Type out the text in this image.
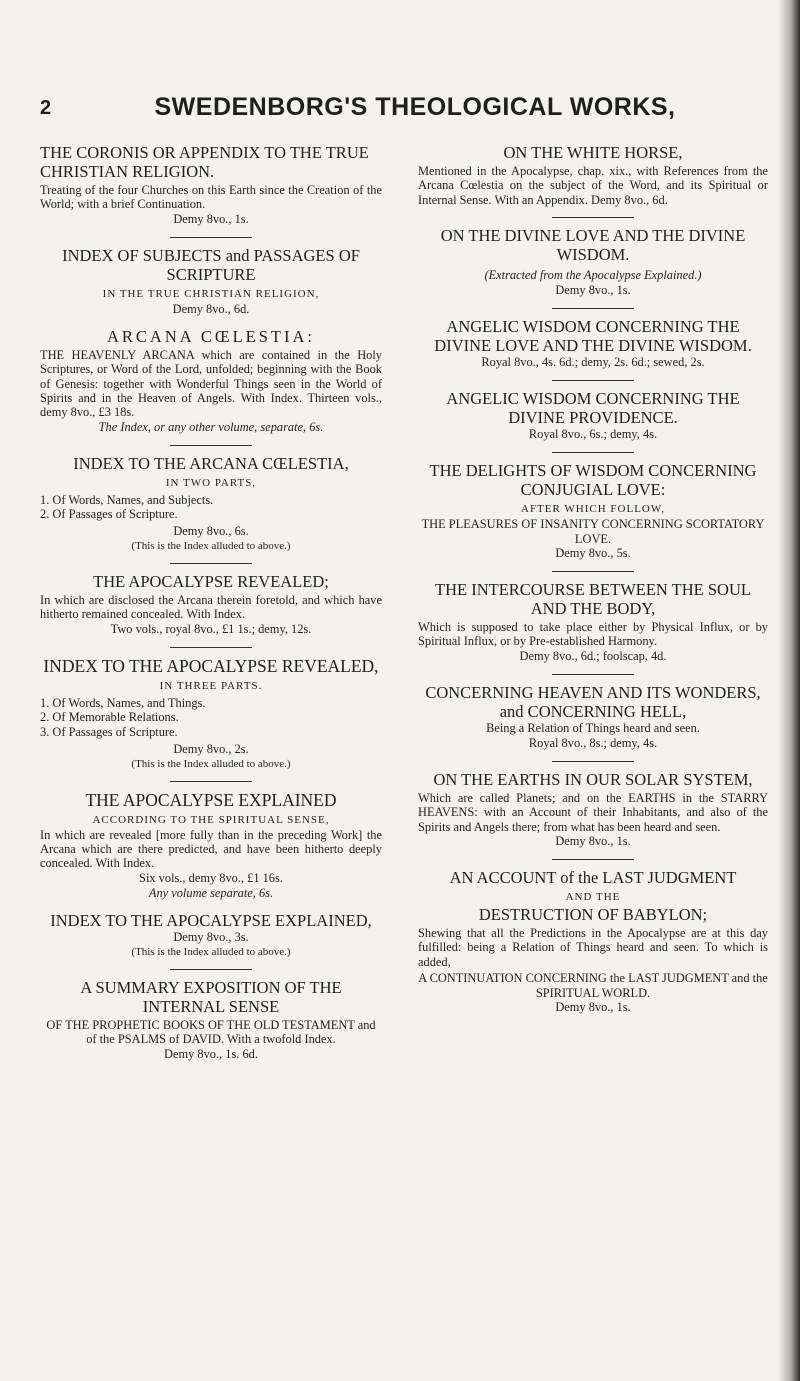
2	SWEDENBORG'S THEOLOGICAL WORKS,

THE CORONIS OR APPENDIX TO THE TRUE CHRISTIAN RELIGION.

Treating of the four Churches on this Earth since the Creation of the World; with a brief Continuation.

Demy 8vo., 1s.

INDEX OF SUBJECTS and PASSAGES OF SCRIPTURE

IN THE TRUE CHRISTIAN RELIGION,
Demy 8vo., 6d.

ARCANA CŒLESTIA:

THE HEAVENLY ARCANA which are contained in the Holy Scriptures, or Word of the Lord, unfolded; beginning with the Book of Genesis: together with Wonderful Things seen in the World of Spirits and in the Heaven of Angels. With Index. Thirteen vols., demy 8vo., £3 18s.

The Index, or any other volume, separate, 6s.

INDEX TO THE ARCANA CŒLESTIA,

IN TWO PARTS,
1. Of Words, Names, and Subjects.
2. Of Passages of Scripture.
Demy 8vo., 6s.
(This is the Index alluded to above.)

THE APOCALYPSE REVEALED;

In which are disclosed the Arcana therein foretold, and which have hitherto remained concealed. With Index.

Two vols., royal 8vo., £1 1s.; demy, 12s.

INDEX TO THE APOCALYPSE REVEALED,

IN THREE PARTS.
1. Of Words, Names, and Things.
2. Of Memorable Relations.
3. Of Passages of Scripture.
Demy 8vo., 2s.
(This is the Index alluded to above.)

THE APOCALYPSE EXPLAINED

ACCORDING TO THE SPIRITUAL SENSE,

In which are revealed [more fully than in the preceding Work] the Arcana which are there predicted, and have been hitherto deeply concealed. With Index.

Six vols., demy 8vo., £1 16s.
Any volume separate, 6s.

INDEX TO THE APOCALYPSE EXPLAINED,

Demy 8vo., 3s.
(This is the Index alluded to above.)

A SUMMARY EXPOSITION OF THE INTERNAL SENSE

OF THE PROPHETIC BOOKS OF THE OLD TESTAMENT and of the PSALMS of DAVID. With a twofold Index.

Demy 8vo., 1s. 6d.

ON THE WHITE HORSE,

Mentioned in the Apocalypse, chap. xix., with References from the Arcana Cœlestia on the subject of the Word, and its Spiritual or Internal Sense. With an Appendix. Demy 8vo., 6d.

ON THE DIVINE LOVE AND THE DIVINE WISDOM.

(Extracted from the Apocalypse Explained.)
Demy 8vo., 1s.

ANGELIC WISDOM CONCERNING THE DIVINE LOVE AND THE DIVINE WISDOM.

Royal 8vo., 4s. 6d.; demy, 2s. 6d.; sewed, 2s.

ANGELIC WISDOM CONCERNING THE DIVINE PROVIDENCE.

Royal 8vo., 6s.; demy, 4s.

THE DELIGHTS OF WISDOM CONCERNING CONJUGIAL LOVE:

AFTER WHICH FOLLOW,

THE PLEASURES OF INSANITY CONCERNING SCORTATORY LOVE.

Demy 8vo., 5s.

THE INTERCOURSE BETWEEN THE SOUL AND THE BODY,

Which is supposed to take place either by Physical Influx, or by Spiritual Influx, or by Pre-established Harmony.

Demy 8vo., 6d.; foolscap, 4d.

CONCERNING HEAVEN AND ITS WONDERS, and CONCERNING HELL,

Being a Relation of Things heard and seen.
Royal 8vo., 8s.; demy, 4s.

ON THE EARTHS IN OUR SOLAR SYSTEM,

Which are called Planets; and on the EARTHS in the STARRY HEAVENS: with an Account of their Inhabitants, and also of the Spirits and Angels there; from what has been heard and seen.

Demy 8vo., 1s.

AN ACCOUNT of the LAST JUDGMENT

AND THE

DESTRUCTION OF BABYLON;

Shewing that all the Predictions in the Apocalypse are at this day fulfilled: being a Relation of Things heard and seen. To which is added,

A CONTINUATION CONCERNING the LAST JUDGMENT and the SPIRITUAL WORLD.

Demy 8vo., 1s.
